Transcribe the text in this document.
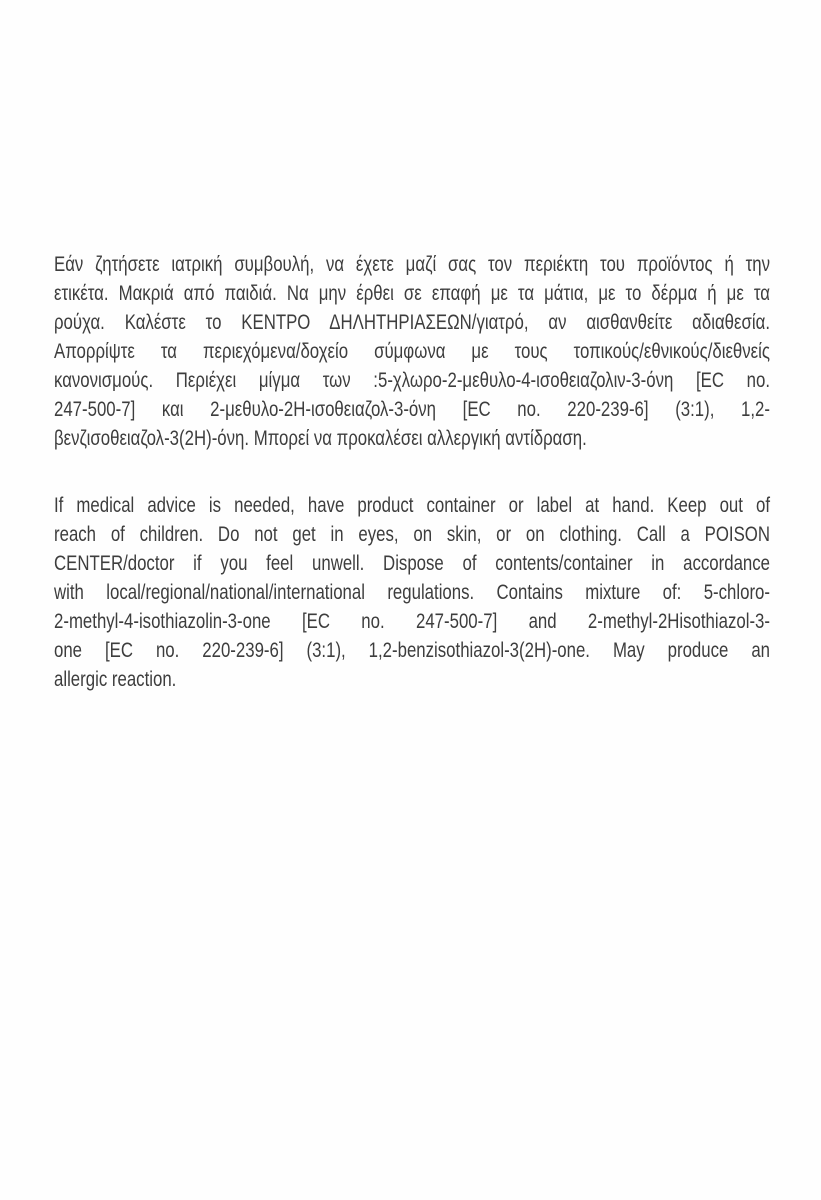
Εάν ζητήσετε ιατρική συμβουλή, να έχετε μαζί σας τον περιέκτη του προϊόντος ή την
ετικέτα. Μακριά από παιδιά. Να μην έρθει σε επαφή με τα μάτια, με το δέρμα ή με τα
ρούχα. Καλέστε το ΚΕΝΤΡΟ ΔΗΛΗΤΗΡΙΑΣΕΩΝ/γιατρό, αν αισθανθείτε αδιαθεσία.
Απορρίψτε τα περιεχόμενα/δοχείο σύμφωνα με τους τοπικούς/εθνικούς/διεθνείς
κανονισμούς. Περιέχει μίγμα των :5-χλωρο-2-μεθυλο-4-ισοθειαζολιν-3-όνη [EC no.
247-500-7] και 2-μεθυλο-2H-ισοθειαζολ-3-όνη [EC no. 220-239-6] (3:1), 1,2-
βενζισοθειαζολ-3(2H)-όνη. Μπορεί να προκαλέσει αλλεργική αντίδραση.
If medical advice is needed, have product container or label at hand. Keep out of
reach of children. Do not get in eyes, on skin, or on clothing. Call a POISON
CENTER/doctor if you feel unwell. Dispose of contents/container in accordance
with local/regional/national/international regulations. Contains mixture of: 5-chloro-
2-methyl-4-isothiazolin-3-one [EC no. 247-500-7] and 2-methyl-2Hisothiazol-3-
one [EC no. 220-239-6] (3:1), 1,2-benzisothiazol-3(2H)-one. May produce an
allergic reaction.
